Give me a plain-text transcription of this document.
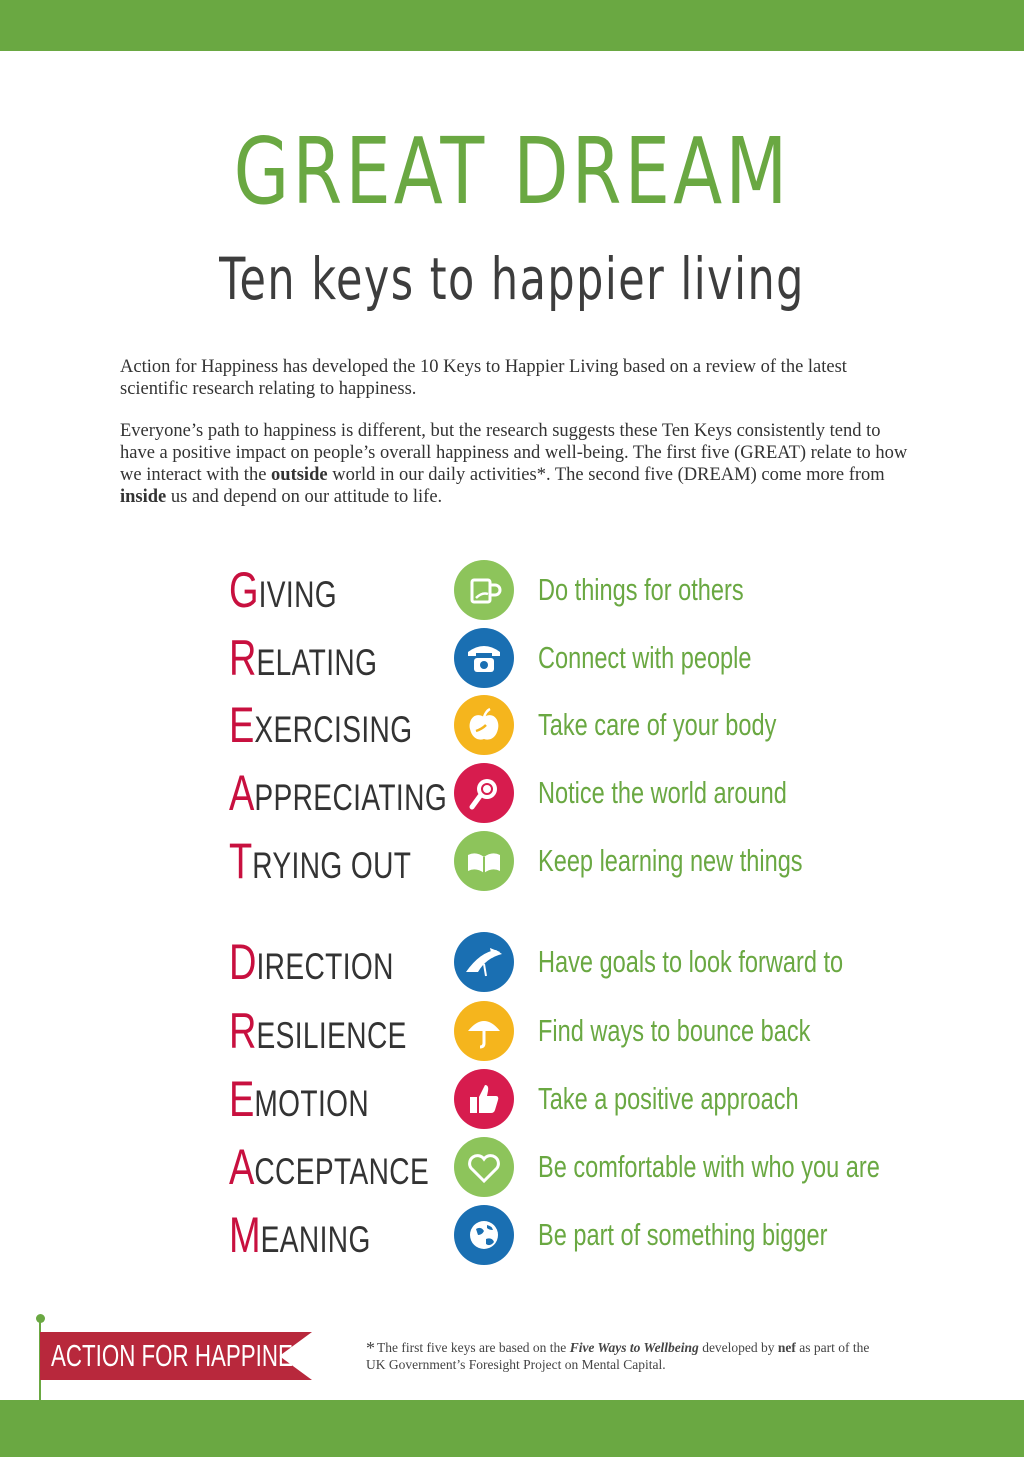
GREAT DREAM
Ten keys to happier living

Action for Happiness has developed the 10 Keys to Happier Living based on a review of the latest scientific research relating to happiness.

Everyone’s path to happiness is different, but the research suggests these Ten Keys consistently tend to have a positive impact on people’s overall happiness and well-being. The first five (GREAT) relate to how we interact with the outside world in our daily activities*. The second five (DREAM) come more from inside us and depend on our attitude to life.

GIVING	Do things for others
RELATING	Connect with people
EXERCISING	Take care of your body
APPRECIATING	Notice the world around
TRYING OUT	Keep learning new things
DIRECTION	Have goals to look forward to
RESILIENCE	Find ways to bounce back
EMOTION	Take a positive approach
ACCEPTANCE	Be comfortable with who you are
MEANING	Be part of something bigger
ACTION FOR HAPPINESS * The first five keys are based on the Five Ways to Wellbeing developed by nef as part of the UK Government’s Foresight Project on Mental Capital.
